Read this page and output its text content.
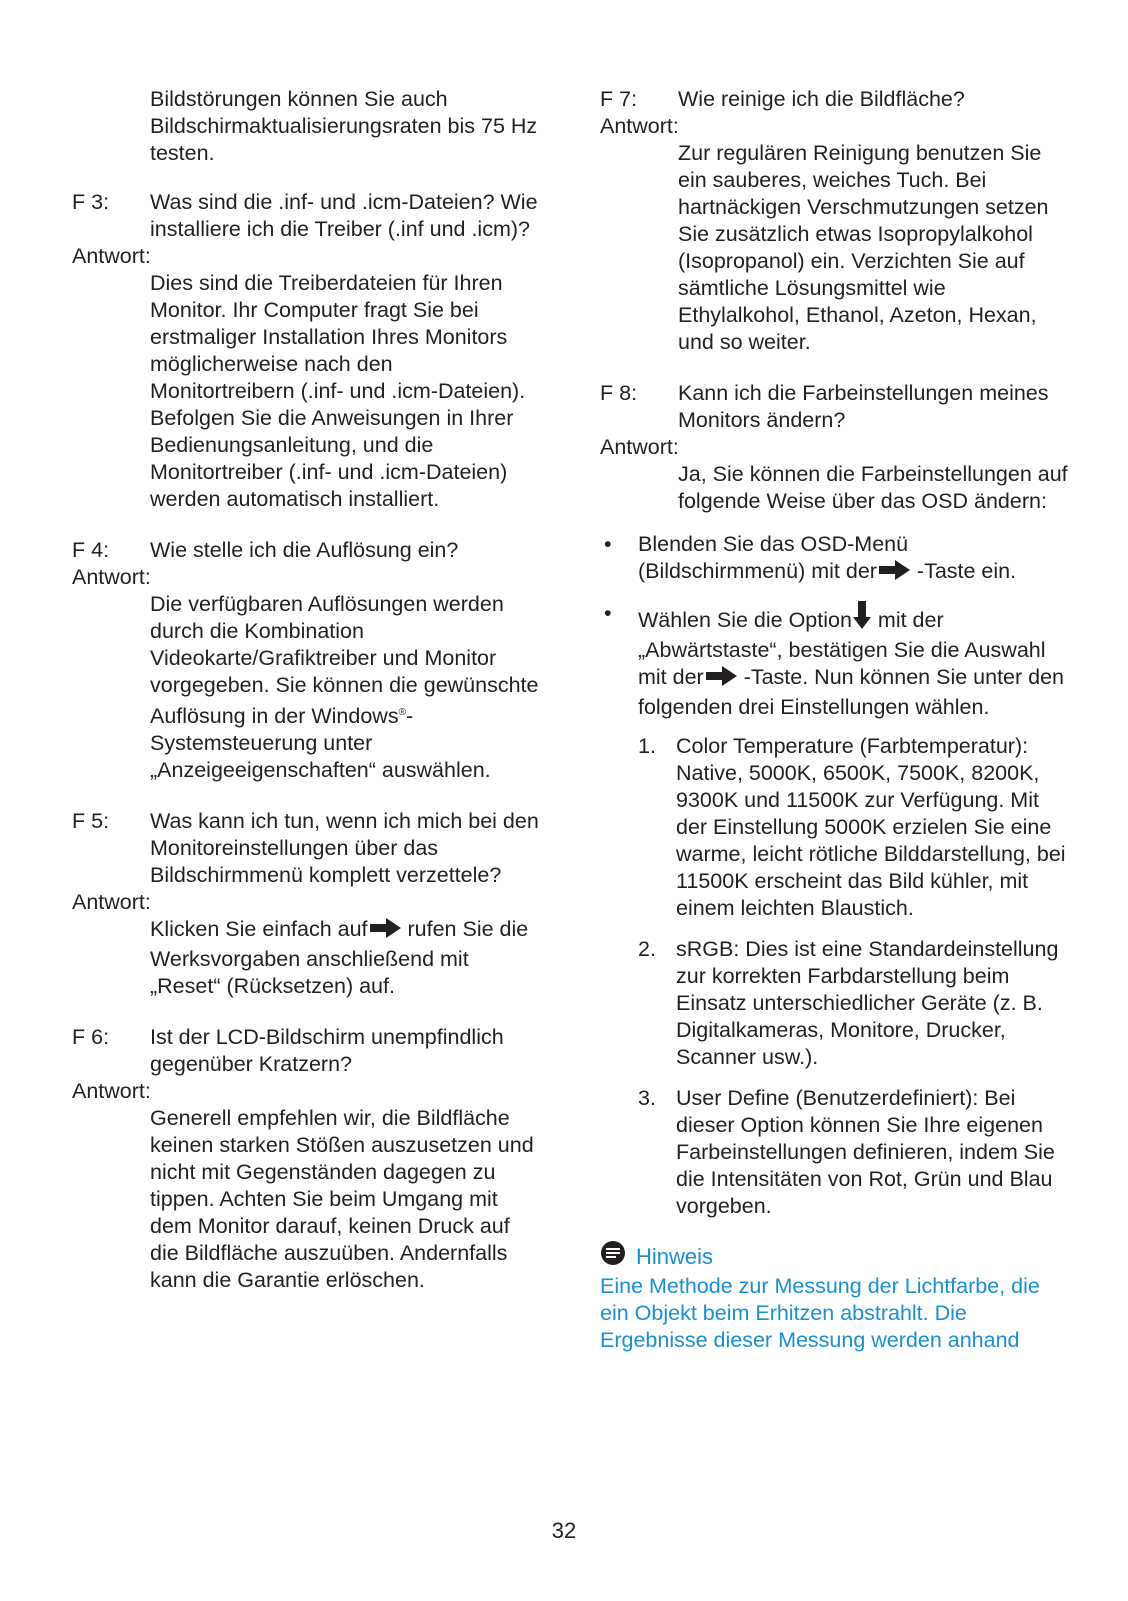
Bildstörungen können Sie auch Bildschirmaktualisierungsraten bis 75 Hz testen.
F 3:	Was sind die .inf- und .icm-Dateien? Wie installiere ich die Treiber (.inf und .icm)?
Antwort:
Dies sind die Treiberdateien für Ihren Monitor. Ihr Computer fragt Sie bei erstmaliger Installation Ihres Monitors möglicherweise nach den Monitortreibern (.inf- und .icm-Dateien). Befolgen Sie die Anweisungen in Ihrer Bedienungsanleitung, und die Monitortreiber (.inf- und .icm-Dateien) werden automatisch installiert.
F 4:	Wie stelle ich die Auflösung ein?
Antwort:
Die verfügbaren Auflösungen werden durch die Kombination Videokarte/Grafiktreiber und Monitor vorgegeben. Sie können die gewünschte Auflösung in der Windows®-Systemsteuerung unter „Anzeigeeigenschaften“ auswählen.
F 5:	Was kann ich tun, wenn ich mich bei den Monitoreinstellungen über das Bildschirmmenü komplett verzettele?
Antwort:
Klicken Sie einfach auf rufen Sie die Werksvorgaben anschließend mit „Reset“ (Rücksetzen) auf.
F 6:	Ist der LCD-Bildschirm unempfindlich gegenüber Kratzern?
Antwort:
Generell empfehlen wir, die Bildfläche keinen starken Stößen auszusetzen und nicht mit Gegenständen dagegen zu tippen. Achten Sie beim Umgang mit dem Monitor darauf, keinen Druck auf die Bildfläche auszuüben. Andernfalls kann die Garantie erlöschen.
F 7:	Wie reinige ich die Bildfläche?
Antwort:
Zur regulären Reinigung benutzen Sie ein sauberes, weiches Tuch. Bei hartnäckigen Verschmutzungen setzen Sie zusätzlich etwas Isopropylalkohol (Isopropanol) ein. Verzichten Sie auf sämtliche Lösungsmittel wie Ethylalkohol, Ethanol, Azeton, Hexan, und so weiter.
F 8:	Kann ich die Farbeinstellungen meines Monitors ändern?
Antwort:
Ja, Sie können die Farbeinstellungen auf folgende Weise über das OSD ändern:
• Blenden Sie das OSD-Menü (Bildschirmmenü) mit der -Taste ein.
• Wählen Sie die Option mit der „Abwärtstaste“, bestätigen Sie die Auswahl mit der -Taste. Nun können Sie unter den folgenden drei Einstellungen wählen.
1. Color Temperature (Farbtemperatur): Native, 5000K, 6500K, 7500K, 8200K, 9300K und 11500K zur Verfügung. Mit der Einstellung 5000K erzielen Sie eine warme, leicht rötliche Bilddarstellung, bei 11500K erscheint das Bild kühler, mit einem leichten Blaustich.
2. sRGB: Dies ist eine Standardeinstellung zur korrekten Farbdarstellung beim Einsatz unterschiedlicher Geräte (z. B. Digitalkameras, Monitore, Drucker, Scanner usw.).
3. User Define (Benutzerdefiniert): Bei dieser Option können Sie Ihre eigenen Farbeinstellungen definieren, indem Sie die Intensitäten von Rot, Grün und Blau vorgeben.
Hinweis
Eine Methode zur Messung der Lichtfarbe, die ein Objekt beim Erhitzen abstrahlt. Die Ergebnisse dieser Messung werden anhand
32
